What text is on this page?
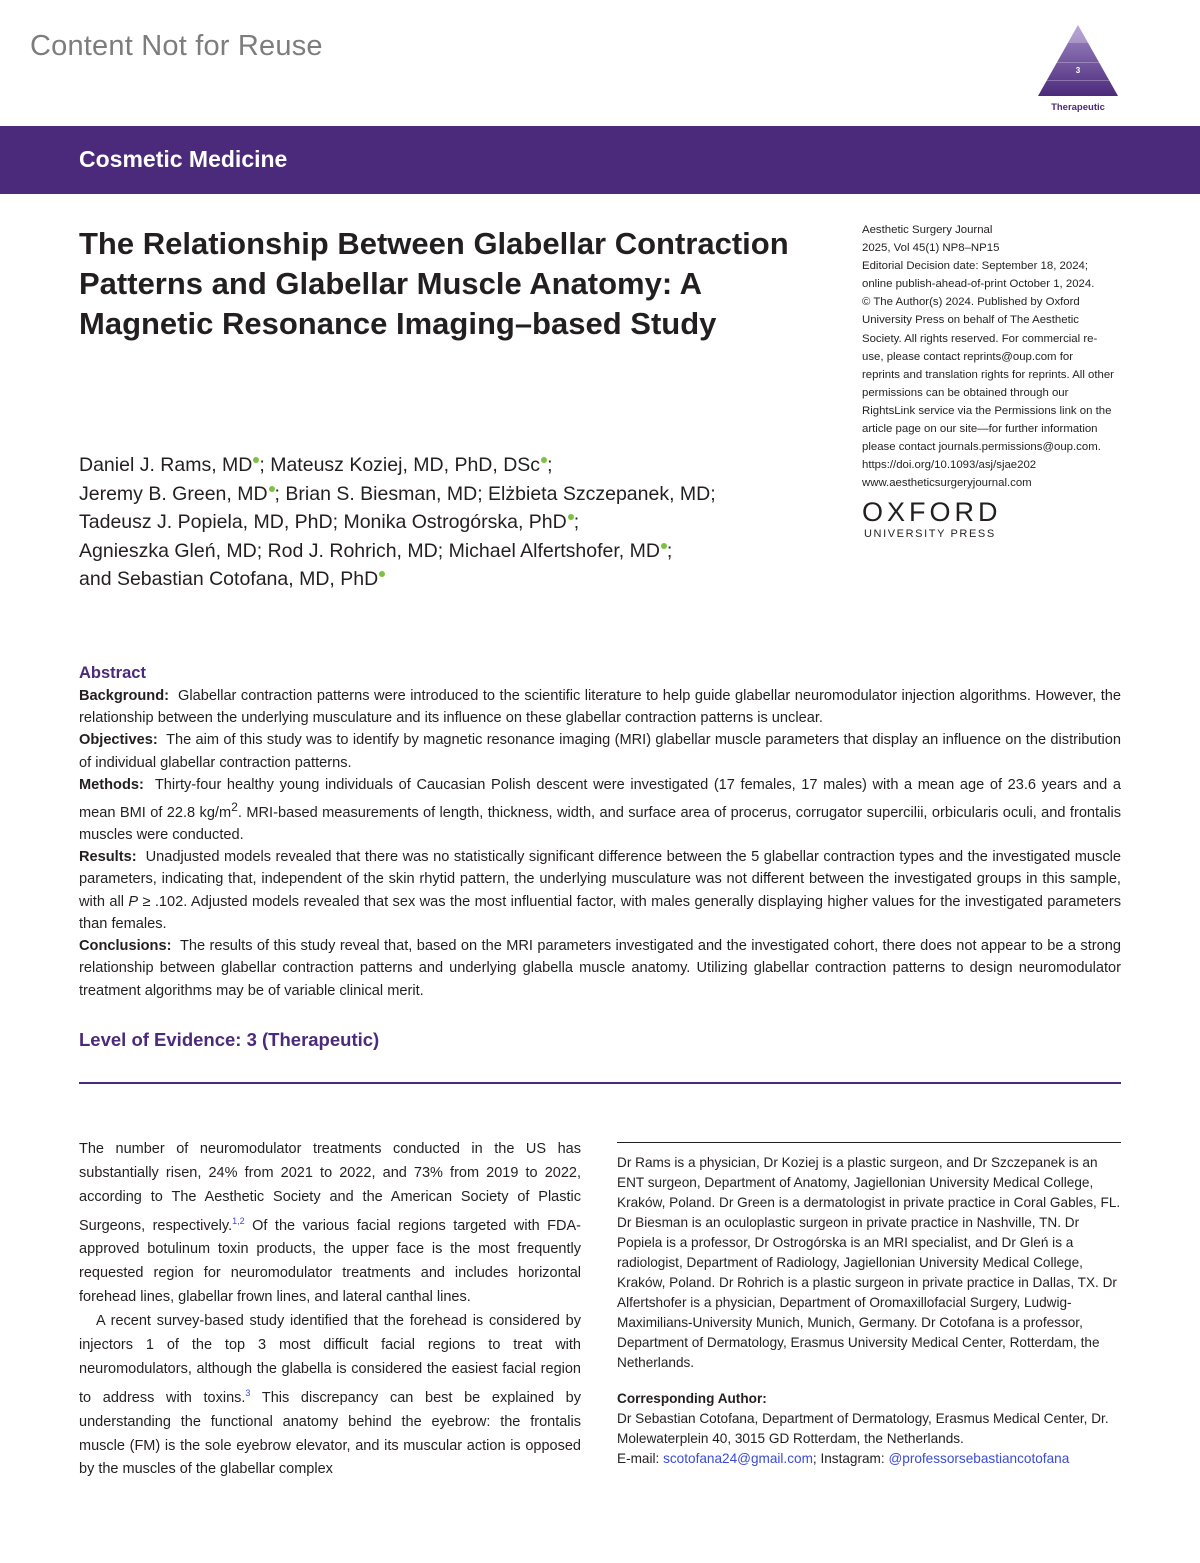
Content Not for Reuse
3
Therapeutic
Cosmetic Medicine
The Relationship Between Glabellar Contraction Patterns and Glabellar Muscle Anatomy: A Magnetic Resonance Imaging–based Study

Daniel J. Rams, MD ; Mateusz Koziej, MD, PhD, DSc ;
Jeremy B. Green, MD ; Brian S. Biesman, MD; Elżbieta Szczepanek, MD;
Tadeusz J. Popiela, MD, PhD; Monika Ostrogórska, PhD ;
Agnieszka Gleń, MD; Rod J. Rohrich, MD; Michael Alfertshofer, MD ;
and Sebastian Cotofana, MD, PhD

Aesthetic Surgery Journal
2025, Vol 45(1) NP8–NP15
Editorial Decision date: September 18, 2024;
online publish-ahead-of-print October 1, 2024.
© The Author(s) 2024. Published by Oxford
University Press on behalf of The Aesthetic
Society. All rights reserved. For commercial re-
use, please contact reprints@oup.com for
reprints and translation rights for reprints. All other
permissions can be obtained through our
RightsLink service via the Permissions link on the
article page on our site—for further information
please contact journals.permissions@oup.com.
https://doi.org/10.1093/asj/sjae202
www.aestheticsurgeryjournal.com
OXFORD
UNIVERSITY PRESS
Abstract

Background: Glabellar contraction patterns were introduced to the scientific literature to help guide glabellar neuromodulator injection algorithms. However, the relationship between the underlying musculature and its influence on these glabellar contraction patterns is unclear.

Objectives: The aim of this study was to identify by magnetic resonance imaging (MRI) glabellar muscle parameters that display an influence on the distribution of individual glabellar contraction patterns.

Methods: Thirty-four healthy young individuals of Caucasian Polish descent were investigated (17 females, 17 males) with a mean age of 23.6 years and a mean BMI of 22.8 $kg/m^2$. MRI-based measurements of length, thickness, width, and surface area of procerus, corrugator supercilii, orbicularis oculi, and frontalis muscles were conducted.

Results: Unadjusted models revealed that there was no statistically significant difference between the 5 glabellar contraction types and the investigated muscle parameters, indicating that, independent of the skin rhytid pattern, the underlying musculature was not different between the investigated groups in this sample, with all P ≥ .102. Adjusted models revealed that sex was the most influential factor, with males generally displaying higher values for the investigated parameters than females.

Conclusions: The results of this study reveal that, based on the MRI parameters investigated and the investigated cohort, there does not appear to be a strong relationship between glabellar contraction patterns and underlying glabella muscle anatomy. Utilizing glabellar contraction patterns to design neuromodulator treatment algorithms may be of variable clinical merit.

Level of Evidence: 3 (Therapeutic)

The number of neuromodulator treatments conducted in the US has substantially risen, 24% from 2021 to 2022, and 73% from 2019 to 2022, according to The Aesthetic Society and the American Society of Plastic Surgeons, respectively.$^{1,2}$ Of the various facial regions targeted with FDA-approved botulinum toxin products, the upper face is the most frequently requested region for neuromodulator treatments and includes horizontal forehead lines, glabellar frown lines, and lateral canthal lines.

A recent survey-based study identified that the forehead is considered by injectors 1 of the top 3 most difficult facial regions to treat with neuromodulators, although the glabella is considered the easiest facial region to address with toxins.$^3$ This discrepancy can best be explained by understanding the functional anatomy behind the eyebrow: the frontalis muscle (FM) is the sole eyebrow elevator, and its muscular action is opposed by the muscles of the glabellar complex

Dr Rams is a physician, Dr Koziej is a plastic surgeon, and Dr Szczepanek is an ENT surgeon, Department of Anatomy, Jagiellonian University Medical College, Kraków, Poland. Dr Green is a dermatologist in private practice in Coral Gables, FL. Dr Biesman is an oculoplastic surgeon in private practice in Nashville, TN. Dr Popiela is a professor, Dr Ostrogórska is an MRI specialist, and Dr Gleń is a radiologist, Department of Radiology, Jagiellonian University Medical College, Kraków, Poland. Dr Rohrich is a plastic surgeon in private practice in Dallas, TX. Dr Alfertshofer is a physician, Department of Oromaxillofacial Surgery, Ludwig-Maximilians-University Munich, Munich, Germany. Dr Cotofana is a professor, Department of Dermatology, Erasmus University Medical Center, Rotterdam, the Netherlands.

Corresponding Author:

Dr Sebastian Cotofana, Department of Dermatology, Erasmus Medical Center, Dr. Molewaterplein 40, 3015 GD Rotterdam, the Netherlands.
E-mail: scotofana24@gmail.com; Instagram: @professorsebastiancotofana
